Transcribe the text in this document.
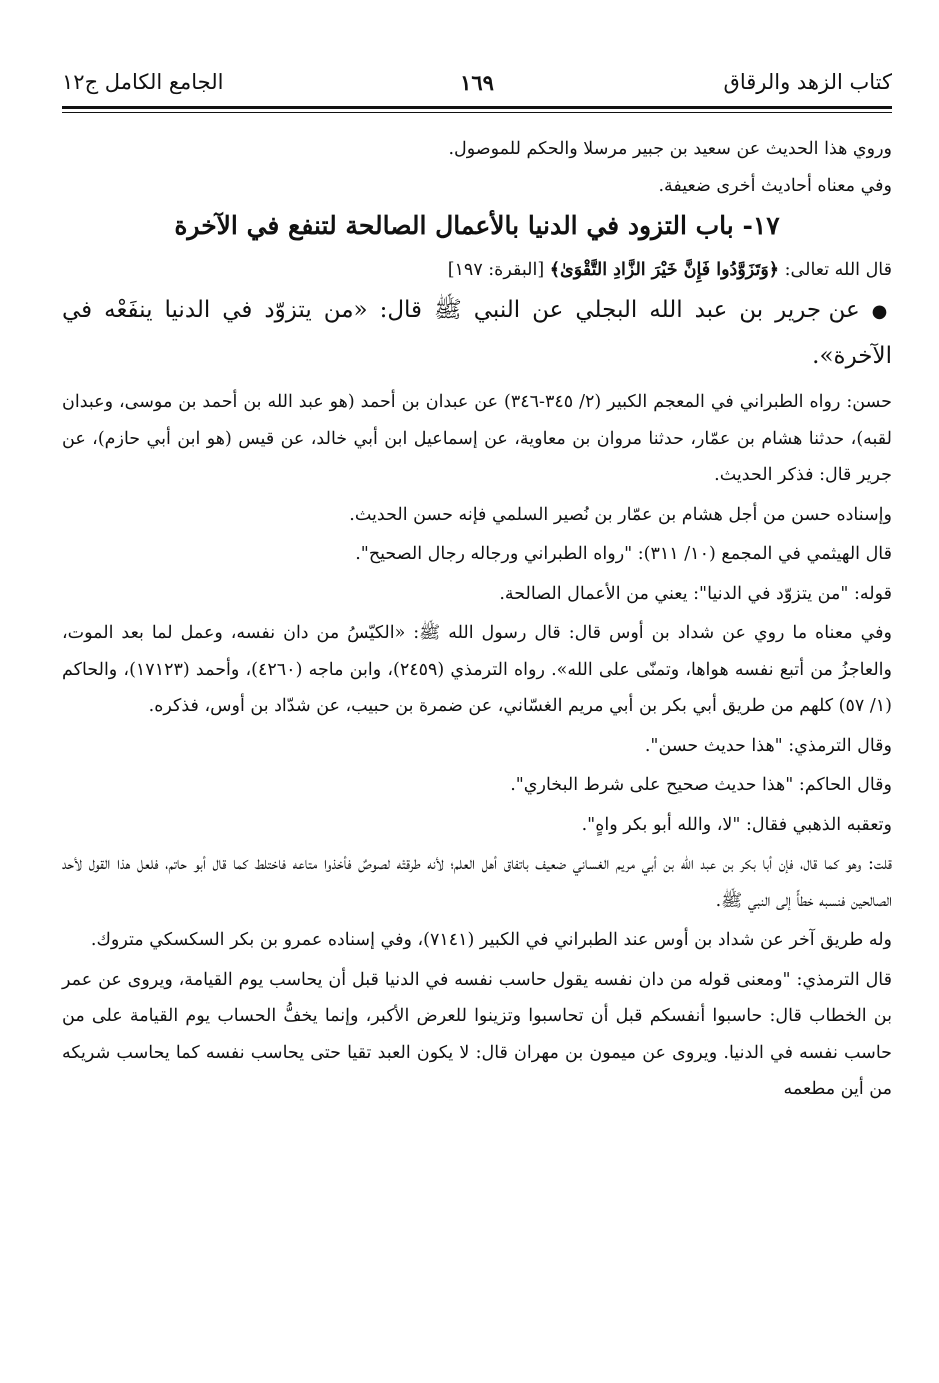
كتاب الزهد والرقاق
١٦٩
الجامع الكامل ج١٢

وروي هذا الحديث عن سعيد بن جبير مرسلا والحكم للموصول.

وفي معناه أحاديث أخرى ضعيفة.

١٧- باب التزود في الدنيا بالأعمال الصالحة لتنفع في الآخرة

قال الله تعالى: ﴿وَتَزَوَّدُوا فَإِنَّ خَيْرَ الزَّادِ التَّقْوَىٰ﴾ [البقرة: ١٩٧]

● عن جرير بن عبد الله البجلي عن النبي ﷺ قال: «من يتزوّد في الدنيا ينفَعْه في الآخرة».

حسن: رواه الطبراني في المعجم الكبير (٢/ ٣٤٥-٣٤٦) عن عبدان بن أحمد (هو عبد الله بن أحمد بن موسى، وعبدان لقبه)، حدثنا هشام بن عمّار، حدثنا مروان بن معاوية، عن إسماعيل ابن أبي خالد، عن قيس (هو ابن أبي حازم)، عن جرير قال: فذكر الحديث.

وإسناده حسن من أجل هشام بن عمّار بن نُصير السلمي فإنه حسن الحديث.

قال الهيثمي في المجمع (١٠/ ٣١١): "رواه الطبراني ورجاله رجال الصحيح".

قوله: "من يتزوّد في الدنيا": يعني من الأعمال الصالحة.

وفي معناه ما روي عن شداد بن أوس قال: قال رسول الله ﷺ: «الكيّسُ من دان نفسه، وعمل لما بعد الموت، والعاجزُ من أتبع نفسه هواها، وتمنّى على الله». رواه الترمذي (٢٤٥٩)، وابن ماجه (٤٢٦٠)، وأحمد (١٧١٢٣)، والحاكم (١/ ٥٧) كلهم من طريق أبي بكر بن أبي مريم الغسّاني، عن ضمرة بن حبيب، عن شدّاد بن أوس، فذكره.

وقال الترمذي: "هذا حديث حسن".

وقال الحاكم: "هذا حديث صحيح على شرط البخاري".

وتعقبه الذهبي فقال: "لا، والله أبو بكر واهٍ".

قلت: وهو كما قال، فإن أبا بكر بن عبد الله بن أبي مريم الغساني ضعيف باتفاق أهل العلم؛ لأنه طرقتْه لصوصٌ فأخذوا متاعه فاختلط كما قال أبو حاتم، فلعل هذا القول لأحد الصالحين فنسبه خطأً إلى النبي ﷺ.

وله طريق آخر عن شداد بن أوس عند الطبراني في الكبير (٧١٤١)، وفي إسناده عمرو بن بكر السكسكي متروك.

قال الترمذي: "ومعنى قوله من دان نفسه يقول حاسب نفسه في الدنيا قبل أن يحاسب يوم القيامة، ويروى عن عمر بن الخطاب قال: حاسبوا أنفسكم قبل أن تحاسبوا وتزينوا للعرض الأكبر، وإنما يخفُّ الحساب يوم القيامة على من حاسب نفسه في الدنيا. ويروى عن ميمون بن مهران قال: لا يكون العبد تقيا حتى يحاسب نفسه كما يحاسب شريكه من أين مطعمه
